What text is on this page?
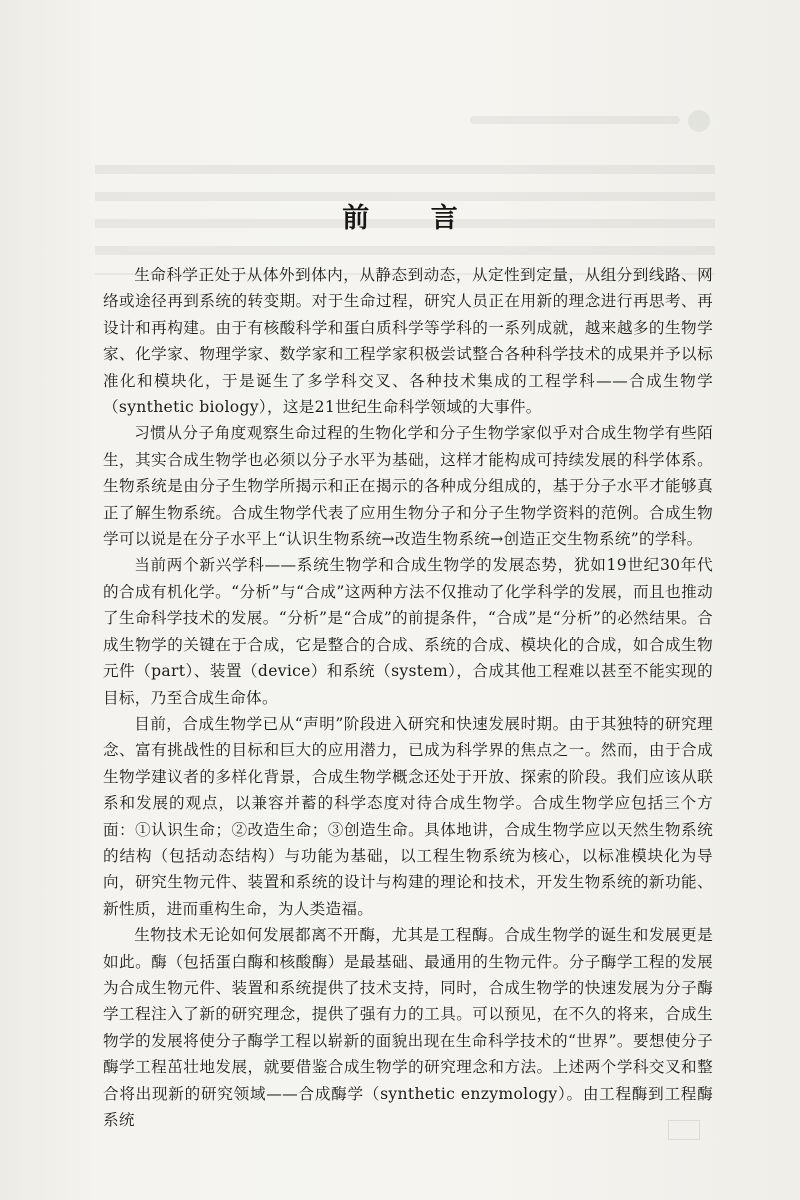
前 言

生命科学正处于从体外到体内，从静态到动态，从定性到定量，从组分到线路、网络或途径再到系统的转变期。对于生命过程，研究人员正在用新的理念进行再思考、再设计和再构建。由于有核酸科学和蛋白质科学等学科的一系列成就，越来越多的生物学家、化学家、物理学家、数学家和工程学家积极尝试整合各种科学技术的成果并予以标准化和模块化，于是诞生了多学科交叉、各种技术集成的工程学科——合成生物学（synthetic biology），这是21世纪生命科学领域的大事件。

习惯从分子角度观察生命过程的生物化学和分子生物学家似乎对合成生物学有些陌生，其实合成生物学也必须以分子水平为基础，这样才能构成可持续发展的科学体系。生物系统是由分子生物学所揭示和正在揭示的各种成分组成的，基于分子水平才能够真正了解生物系统。合成生物学代表了应用生物分子和分子生物学资料的范例。合成生物学可以说是在分子水平上“认识生物系统→改造生物系统→创造正交生物系统”的学科。

当前两个新兴学科——系统生物学和合成生物学的发展态势，犹如19世纪30年代的合成有机化学。“分析”与“合成”这两种方法不仅推动了化学科学的发展，而且也推动了生命科学技术的发展。“分析”是“合成”的前提条件，“合成”是“分析”的必然结果。合成生物学的关键在于合成，它是整合的合成、系统的合成、模块化的合成，如合成生物元件（part）、装置（device）和系统（system），合成其他工程难以甚至不能实现的目标，乃至合成生命体。

目前，合成生物学已从“声明”阶段进入研究和快速发展时期。由于其独特的研究理念、富有挑战性的目标和巨大的应用潜力，已成为科学界的焦点之一。然而，由于合成生物学建议者的多样化背景，合成生物学概念还处于开放、探索的阶段。我们应该从联系和发展的观点，以兼容并蓄的科学态度对待合成生物学。合成生物学应包括三个方面：①认识生命；②改造生命；③创造生命。具体地讲，合成生物学应以天然生物系统的结构（包括动态结构）与功能为基础，以工程生物系统为核心，以标准模块化为导向，研究生物元件、装置和系统的设计与构建的理论和技术，开发生物系统的新功能、新性质，进而重构生命，为人类造福。

生物技术无论如何发展都离不开酶，尤其是工程酶。合成生物学的诞生和发展更是如此。酶（包括蛋白酶和核酸酶）是最基础、最通用的生物元件。分子酶学工程的发展为合成生物元件、装置和系统提供了技术支持，同时，合成生物学的快速发展为分子酶学工程注入了新的研究理念，提供了强有力的工具。可以预见，在不久的将来，合成生物学的发展将使分子酶学工程以崭新的面貌出现在生命科学技术的“世界”。要想使分子酶学工程茁壮地发展，就要借鉴合成生物学的研究理念和方法。上述两个学科交叉和整合将出现新的研究领域——合成酶学（synthetic enzymology）。由工程酶到工程酶系统
